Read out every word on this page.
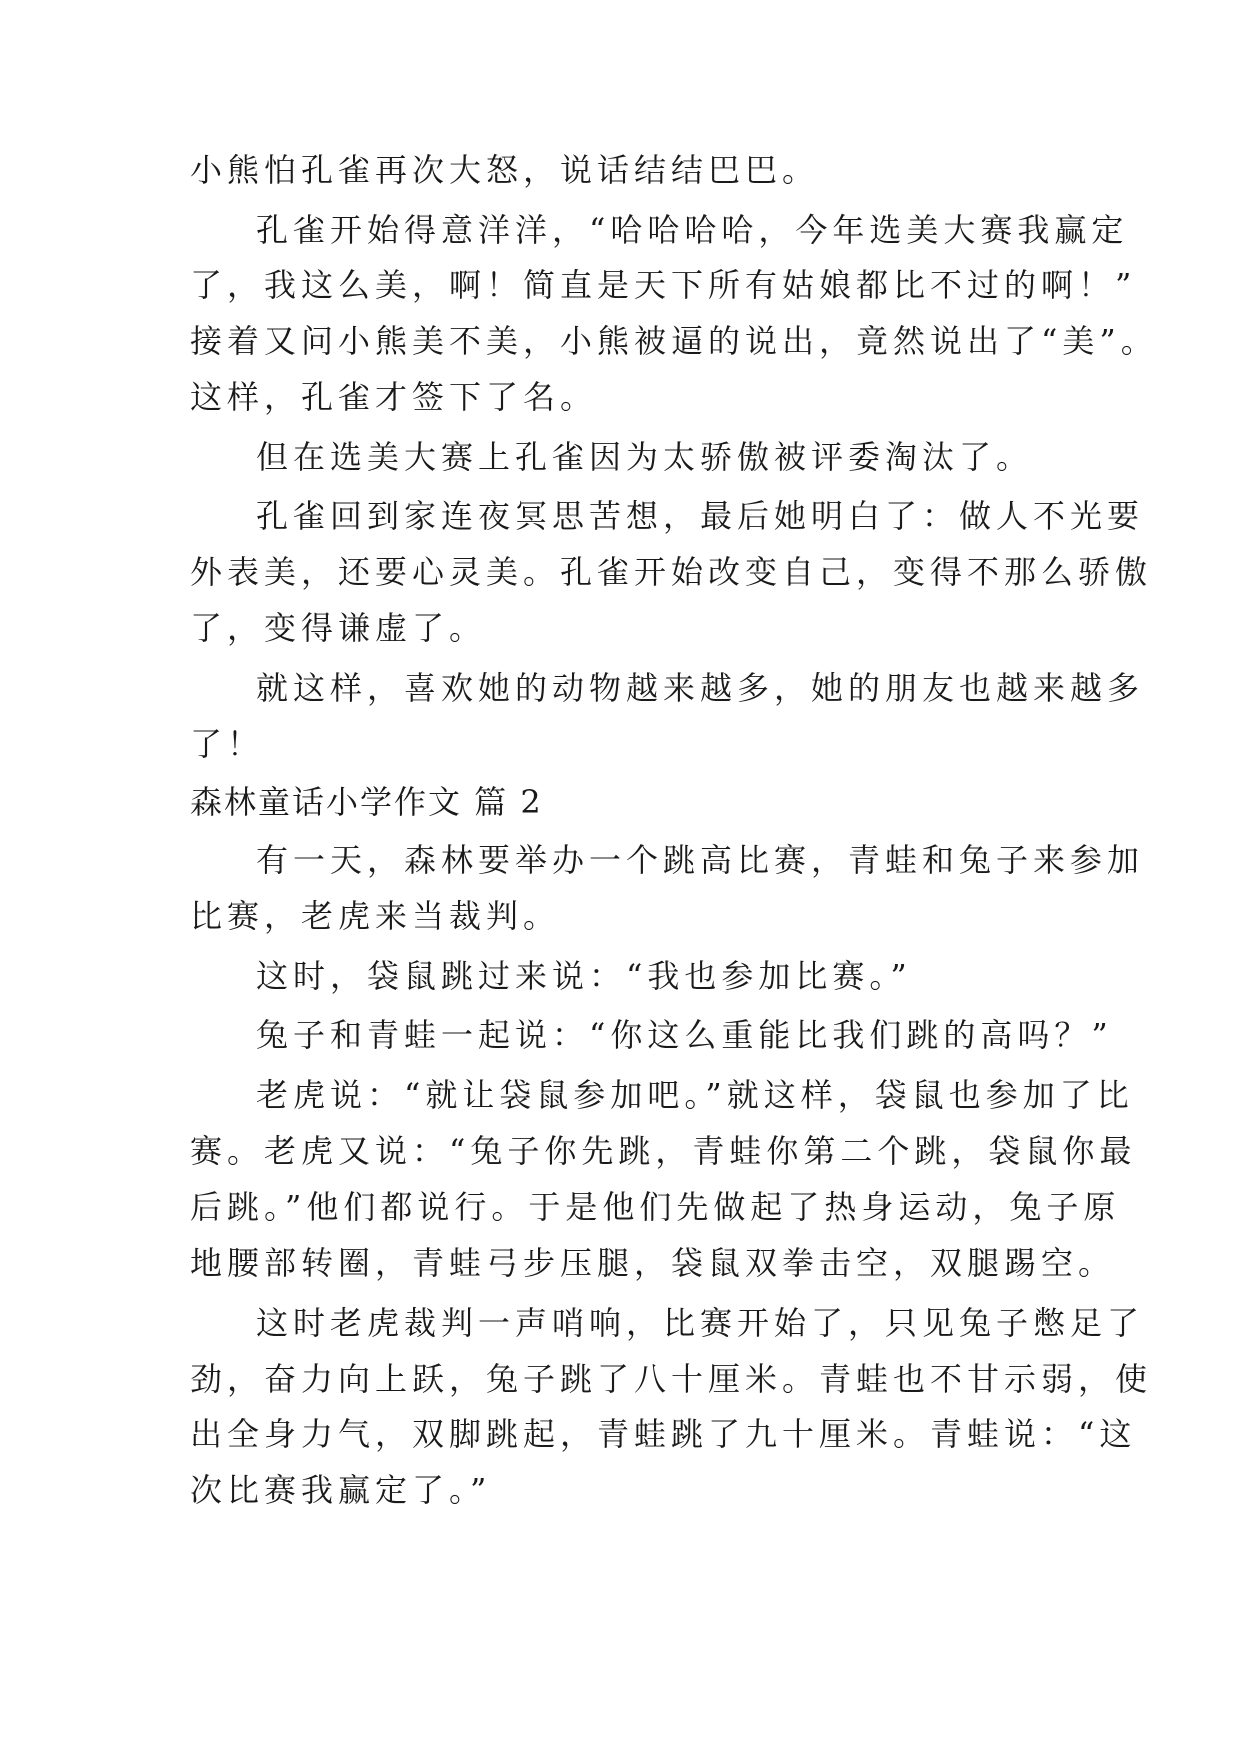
小熊怕孔雀再次大怒，说话结结巴巴。
孔雀开始得意洋洋，“哈哈哈哈，今年选美大赛我赢定
了，我这么美，啊！简直是天下所有姑娘都比不过的啊！”
接着又问小熊美不美，小熊被逼的说出，竟然说出了“美”。
这样，孔雀才签下了名。
但在选美大赛上孔雀因为太骄傲被评委淘汰了。
孔雀回到家连夜冥思苦想，最后她明白了：做人不光要
外表美，还要心灵美。孔雀开始改变自己，变得不那么骄傲
了，变得谦虚了。
就这样，喜欢她的动物越来越多，她的朋友也越来越多
了！
森林童话小学作文 篇 2
有一天，森林要举办一个跳高比赛，青蛙和兔子来参加
比赛，老虎来当裁判。
这时，袋鼠跳过来说：“我也参加比赛。”
兔子和青蛙一起说：“你这么重能比我们跳的高吗？”
老虎说：“就让袋鼠参加吧。”就这样，袋鼠也参加了比
赛。老虎又说：“兔子你先跳，青蛙你第二个跳，袋鼠你最
后跳。”他们都说行。于是他们先做起了热身运动，兔子原
地腰部转圈，青蛙弓步压腿，袋鼠双拳击空，双腿踢空。
这时老虎裁判一声哨响，比赛开始了，只见兔子憋足了
劲，奋力向上跃，兔子跳了八十厘米。青蛙也不甘示弱，使
出全身力气，双脚跳起，青蛙跳了九十厘米。青蛙说：“这
次比赛我赢定了。”
